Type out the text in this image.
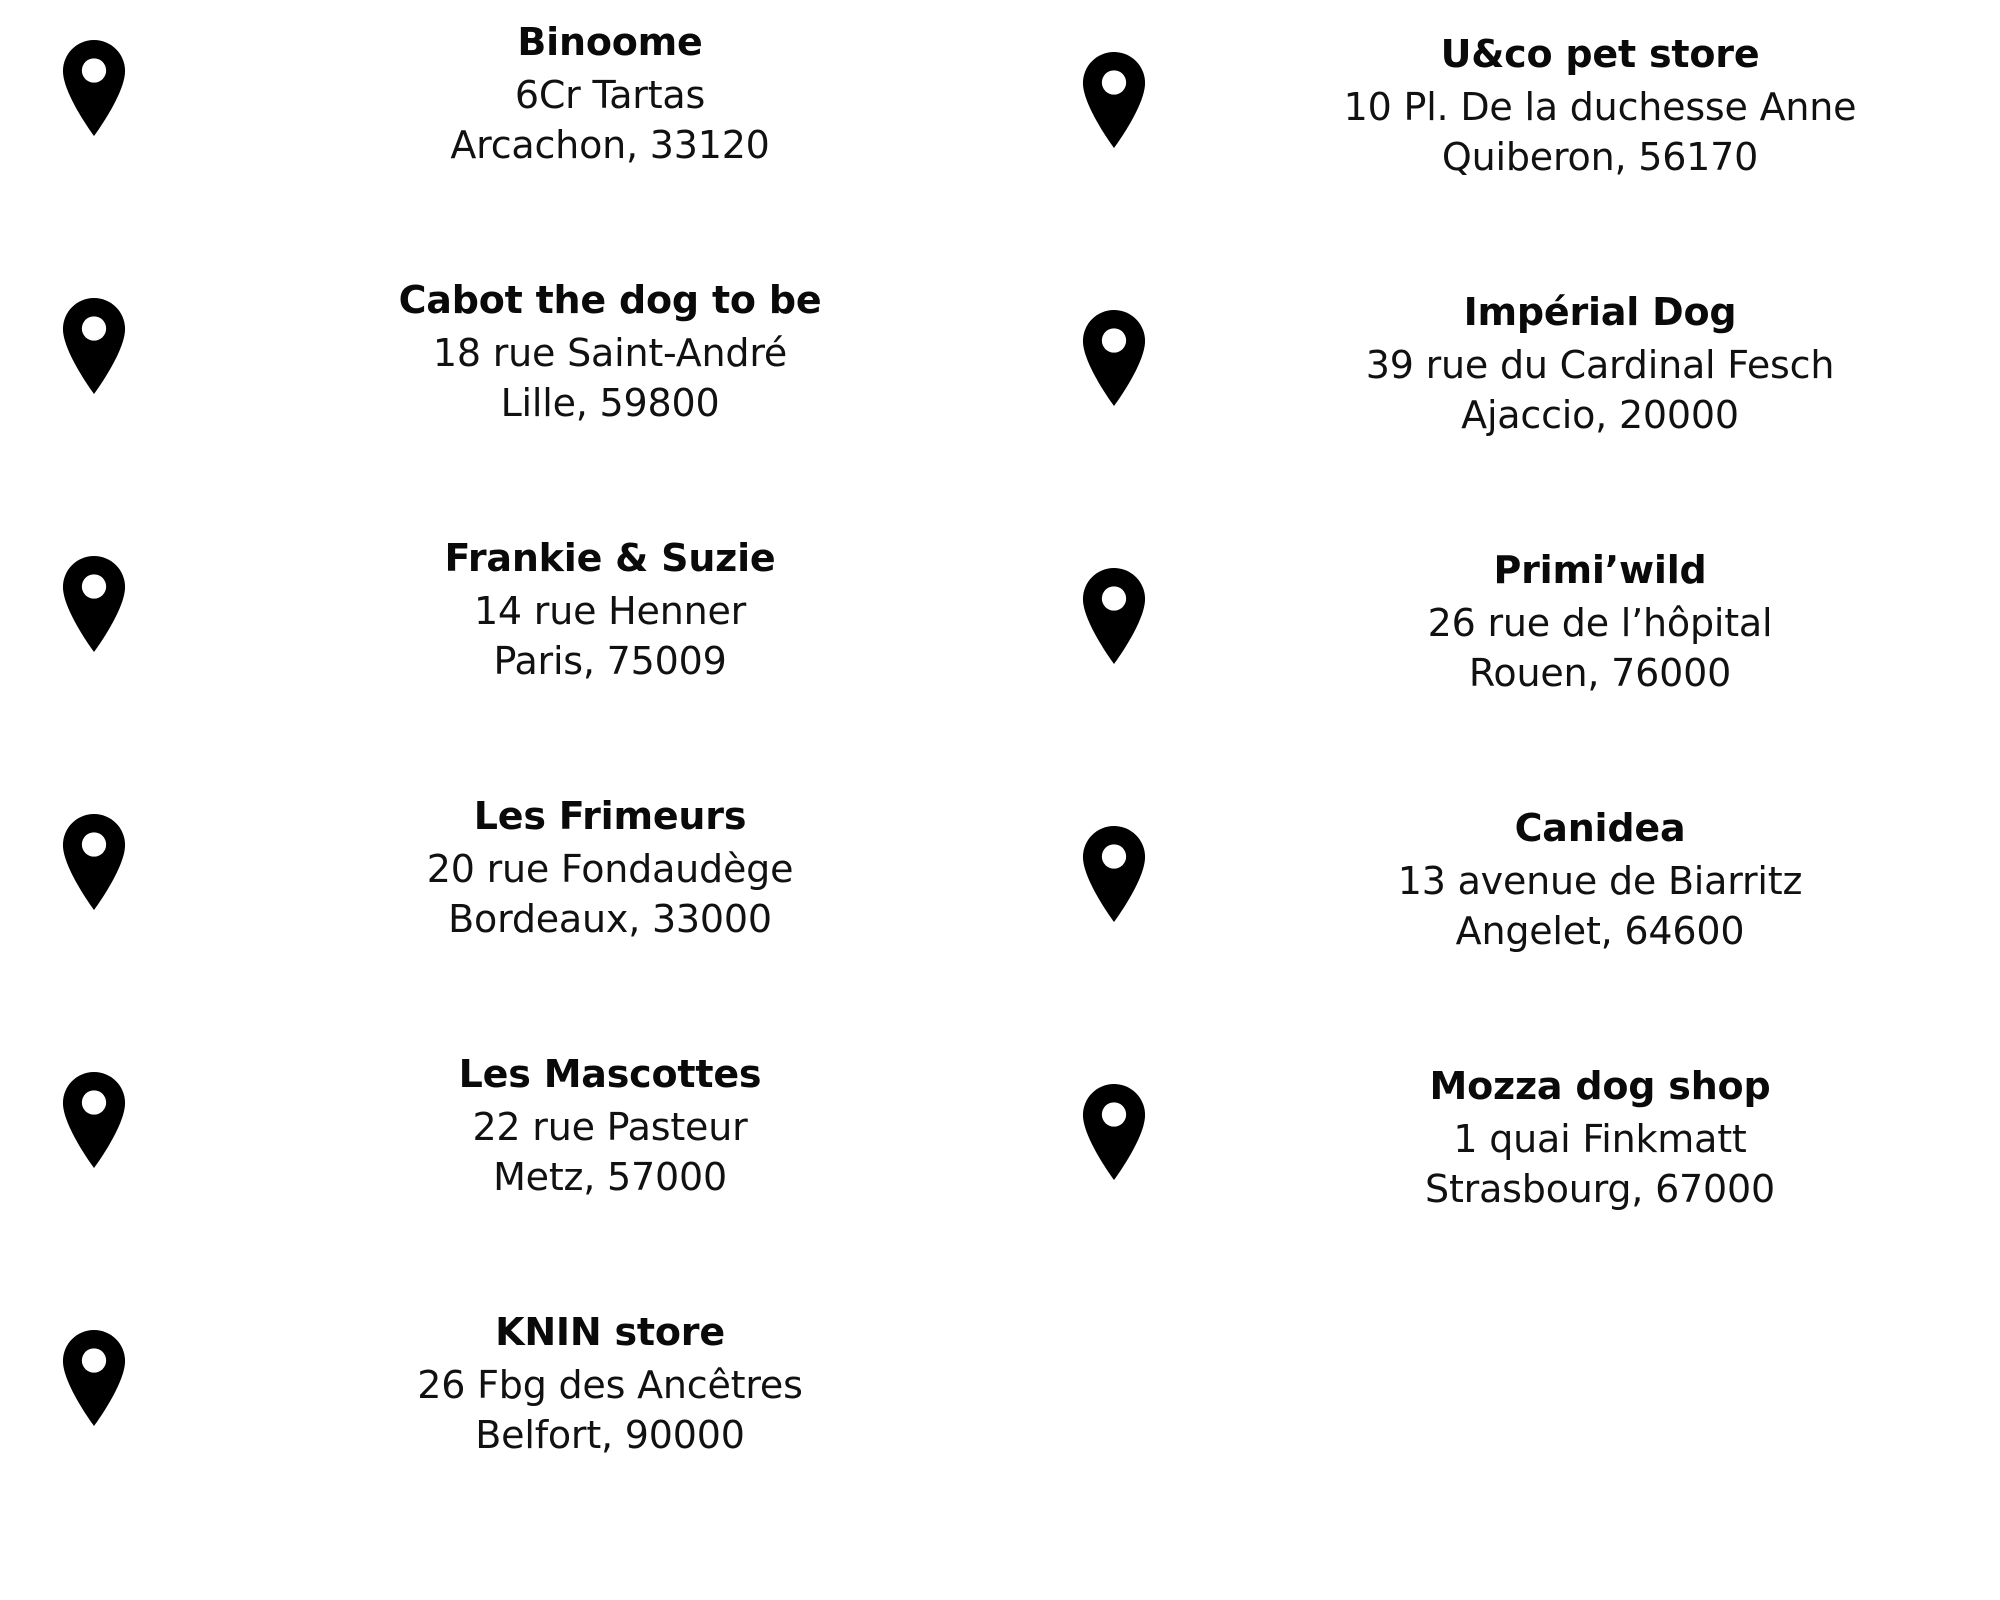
Binoome
6Cr Tartas
Arcachon, 33120
Cabot the dog to be
18 rue Saint-André
Lille, 59800
Frankie & Suzie
14 rue Henner
Paris, 75009
Les Frimeurs
20 rue Fondaudège
Bordeaux, 33000
Les Mascottes
22 rue Pasteur
Metz, 57000
KNIN store
26 Fbg des Ancêtres
Belfort, 90000
U&co pet store
10 Pl. De la duchesse Anne
Quiberon, 56170
Impérial Dog
39 rue du Cardinal Fesch
Ajaccio, 20000
Primi’wild
26 rue de l’hôpital
Rouen, 76000
Canidea
13 avenue de Biarritz
Angelet, 64600
Mozza dog shop
1 quai Finkmatt
Strasbourg, 67000
